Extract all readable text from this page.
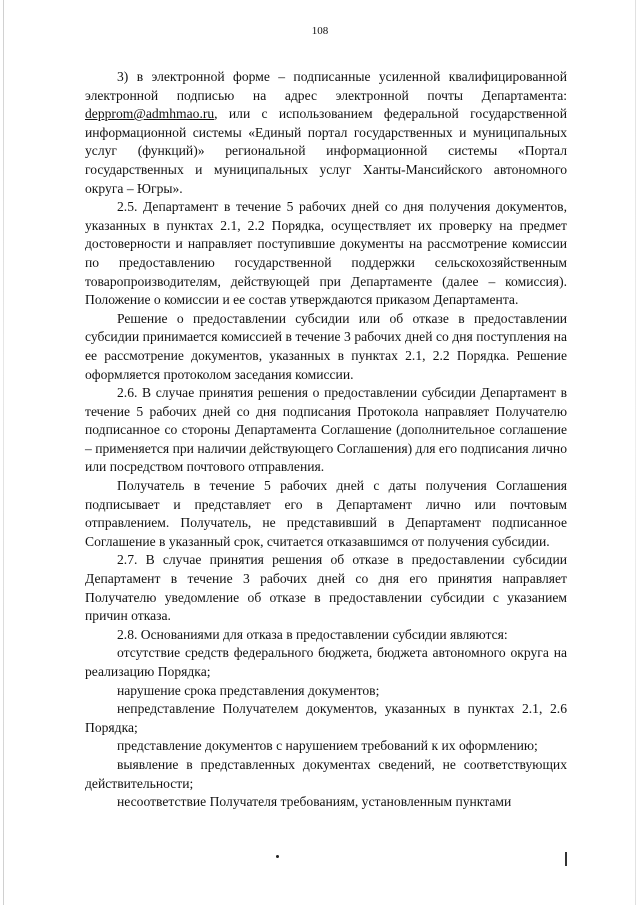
108

3) в электронной форме – подписанные усиленной квалифицированной электронной подписью на адрес электронной почты Департамента: depprom@admhmao.ru, или с использованием федеральной государственной информационной системы «Единый портал государственных и муниципальных услуг (функций)» региональной информационной системы «Портал государственных и муниципальных услуг Ханты-Мансийского автономного округа – Югры».

2.5. Департамент в течение 5 рабочих дней со дня получения документов, указанных в пунктах 2.1, 2.2 Порядка, осуществляет их проверку на предмет достоверности и направляет поступившие документы на рассмотрение комиссии по предоставлению государственной поддержки сельскохозяйственным товаропроизводителям, действующей при Департаменте (далее – комиссия). Положение о комиссии и ее состав утверждаются приказом Департамента.

Решение о предоставлении субсидии или об отказе в предоставлении субсидии принимается комиссией в течение 3 рабочих дней со дня поступления на ее рассмотрение документов, указанных в пунктах 2.1, 2.2 Порядка. Решение оформляется протоколом заседания комиссии.

2.6. В случае принятия решения о предоставлении субсидии Департамент в течение 5 рабочих дней со дня подписания Протокола направляет Получателю подписанное со стороны Департамента Соглашение (дополнительное соглашение – применяется при наличии действующего Соглашения) для его подписания лично или посредством почтового отправления.

Получатель в течение 5 рабочих дней с даты получения Соглашения подписывает и представляет его в Департамент лично или почтовым отправлением. Получатель, не представивший в Департамент подписанное Соглашение в указанный срок, считается отказавшимся от получения субсидии.

2.7. В случае принятия решения об отказе в предоставлении субсидии Департамент в течение 3 рабочих дней со дня его принятия направляет Получателю уведомление об отказе в предоставлении субсидии с указанием причин отказа.

2.8. Основаниями для отказа в предоставлении субсидии являются:

отсутствие средств федерального бюджета, бюджета автономного округа на реализацию Порядка;

нарушение срока представления документов;

непредставление Получателем документов, указанных в пунктах 2.1, 2.6 Порядка;

представление документов с нарушением требований к их оформлению;

выявление в представленных документах сведений, не соответствующих действительности;

несоответствие Получателя требованиям, установленным пунктами
